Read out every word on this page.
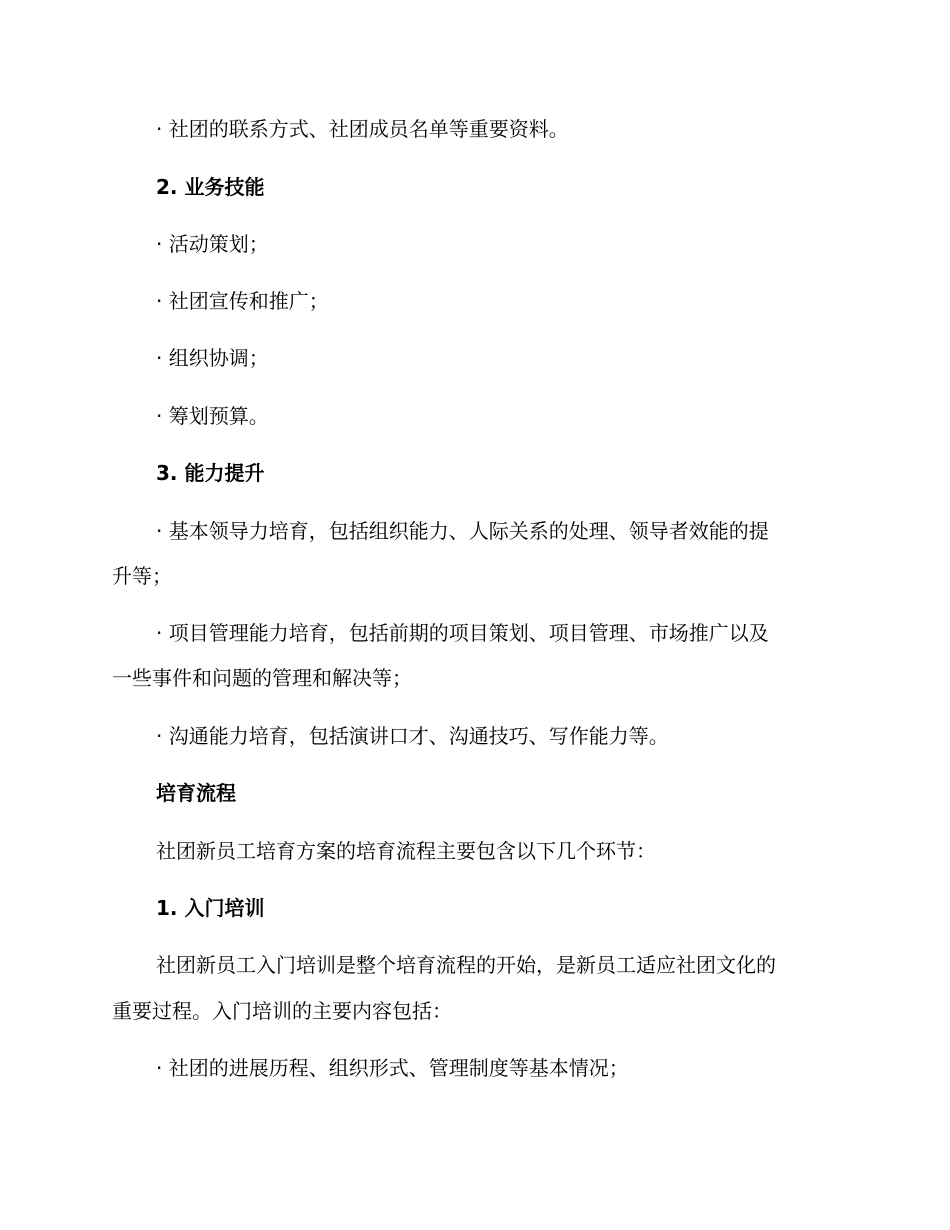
· 社团的联系方式、社团成员名单等重要资料。
2. 业务技能
· 活动策划；
· 社团宣传和推广；
· 组织协调；
· 筹划预算。
3. 能力提升
· 基本领导力培育，包括组织能力、人际关系的处理、领导者效能的提
升等；
· 项目管理能力培育，包括前期的项目策划、项目管理、市场推广以及
一些事件和问题的管理和解决等；
· 沟通能力培育，包括演讲口才、沟通技巧、写作能力等。
培育流程
社团新员工培育方案的培育流程主要包含以下几个环节：
1. 入门培训
社团新员工入门培训是整个培育流程的开始，是新员工适应社团文化的
重要过程。入门培训的主要内容包括：
· 社团的进展历程、组织形式、管理制度等基本情况；
